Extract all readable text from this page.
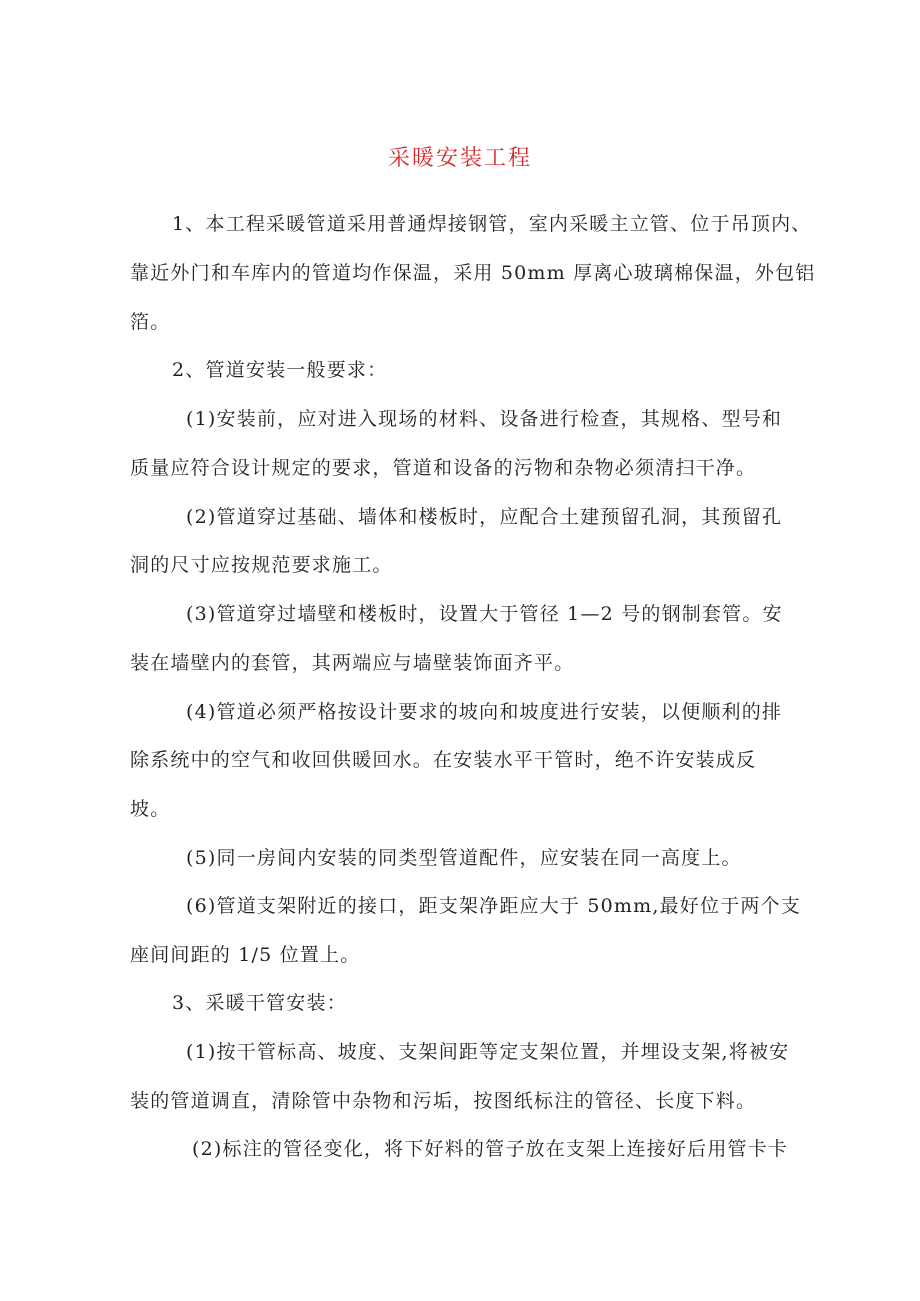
采暖安装工程
1、本工程采暖管道采用普通焊接钢管，室内采暖主立管、位于吊顶内、
靠近外门和车库内的管道均作保温，采用 50mm 厚离心玻璃棉保温，外包铝
箔。
2、管道安装一般要求：
(1)安装前，应对进入现场的材料、设备进行检查，其规格、型号和
质量应符合设计规定的要求，管道和设备的污物和杂物必须清扫干净。
(2)管道穿过基础、墙体和楼板时，应配合土建预留孔洞，其预留孔
洞的尺寸应按规范要求施工。
(3)管道穿过墙壁和楼板时，设置大于管径 1—2 号的钢制套管。安
装在墙壁内的套管，其两端应与墙壁装饰面齐平。
(4)管道必须严格按设计要求的坡向和坡度进行安装，以便顺利的排
除系统中的空气和收回供暖回水。在安装水平干管时，绝不许安装成反
坡。
(5)同一房间内安装的同类型管道配件，应安装在同一高度上。
(6)管道支架附近的接口，距支架净距应大于 50mm,最好位于两个支
座间间距的 1/5 位置上。
3、采暖干管安装：
(1)按干管标高、坡度、支架间距等定支架位置，并埋设支架,将被安
装的管道调直，清除管中杂物和污垢，按图纸标注的管径、长度下料。
(2)标注的管径变化，将下好料的管子放在支架上连接好后用管卡卡
